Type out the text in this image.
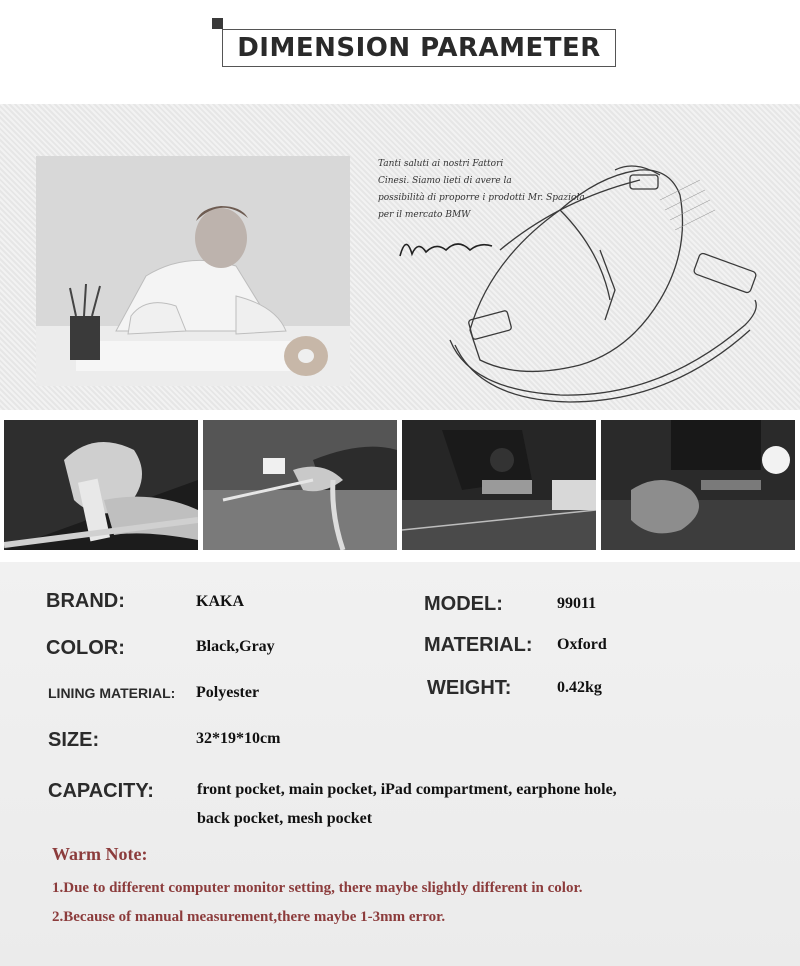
DIMENSION PARAMETER
Tanti saluti ai nostri Fattori
Cinesi. Siamo lieti di avere la
possibilità di proporre i prodotti Mr. Spaziola
per il mercato BMW
BRAND:	KAKA	MODEL:	99011
COLOR:	Black,Gray	MATERIAL: Oxford
LINING MATERIAL: Polyester	WEIGHT:	0.42kg
SIZE:	32*19*10cm
CAPACITY:	front pocket, main pocket, iPad compartment, earphone hole,
back pocket, mesh pocket
Warm Note:
1.Due to different computer monitor setting, there maybe slightly different in color.
2.Because of manual measurement,there maybe 1-3mm error.
